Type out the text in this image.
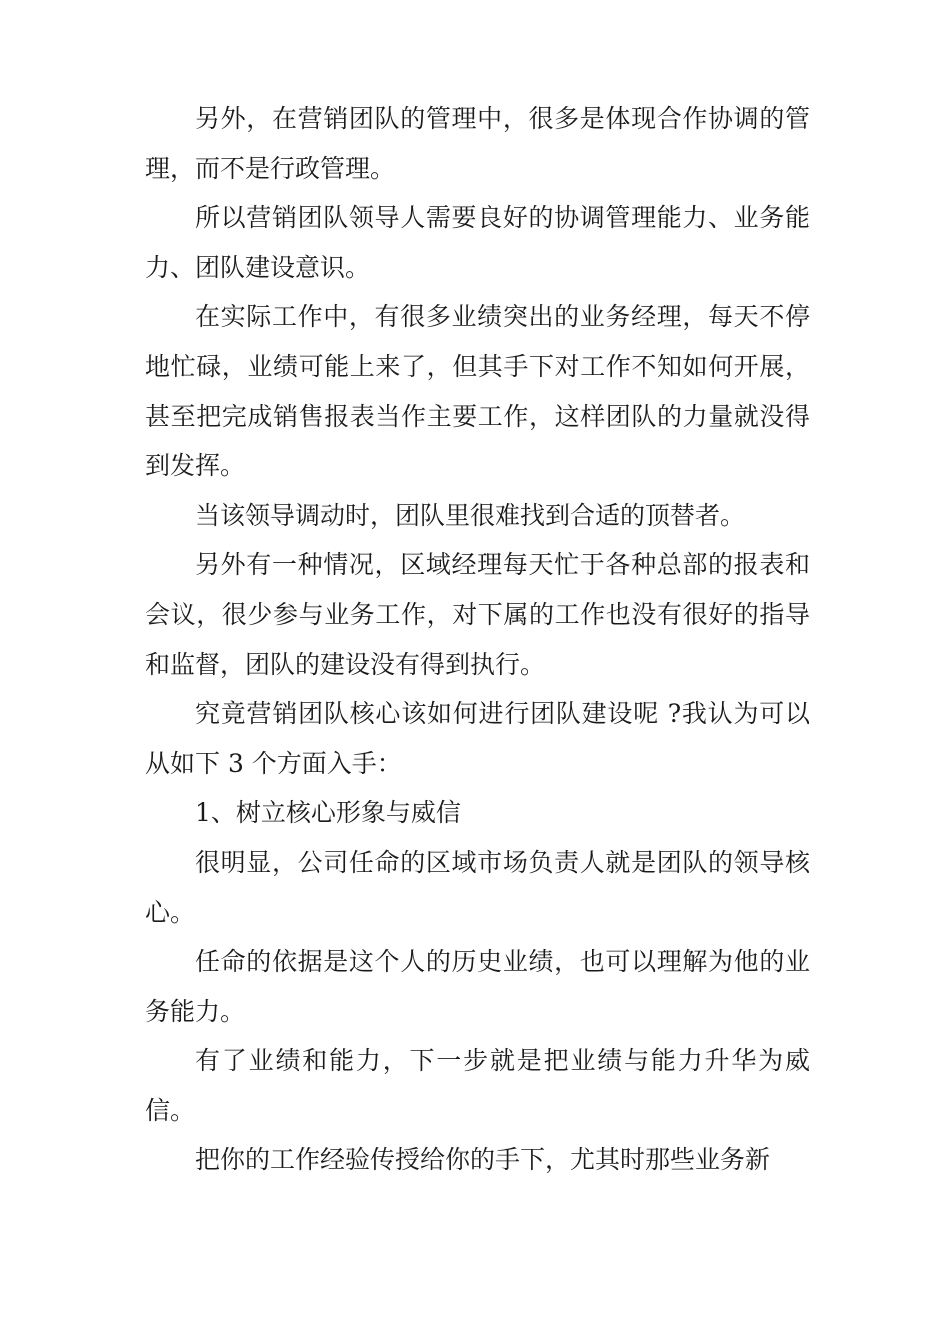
另外，在营销团队的管理中，很多是体现合作协调的管理，而不是行政管理。

所以营销团队领导人需要良好的协调管理能力、业务能力、团队建设意识。

在实际工作中，有很多业绩突出的业务经理，每天不停地忙碌，业绩可能上来了，但其手下对工作不知如何开展，甚至把完成销售报表当作主要工作，这样团队的力量就没得到发挥。

当该领导调动时，团队里很难找到合适的顶替者。

另外有一种情况，区域经理每天忙于各种总部的报表和会议，很少参与业务工作，对下属的工作也没有很好的指导和监督，团队的建设没有得到执行。

究竟营销团队核心该如何进行团队建设呢 ?我认为可以从如下 3 个方面入手：

1、树立核心形象与威信

很明显，公司任命的区域市场负责人就是团队的领导核心。

任命的依据是这个人的历史业绩，也可以理解为他的业务能力。

有了业绩和能力，下一步就是把业绩与能力升华为威信。

把你的工作经验传授给你的手下，尤其时那些业务新
